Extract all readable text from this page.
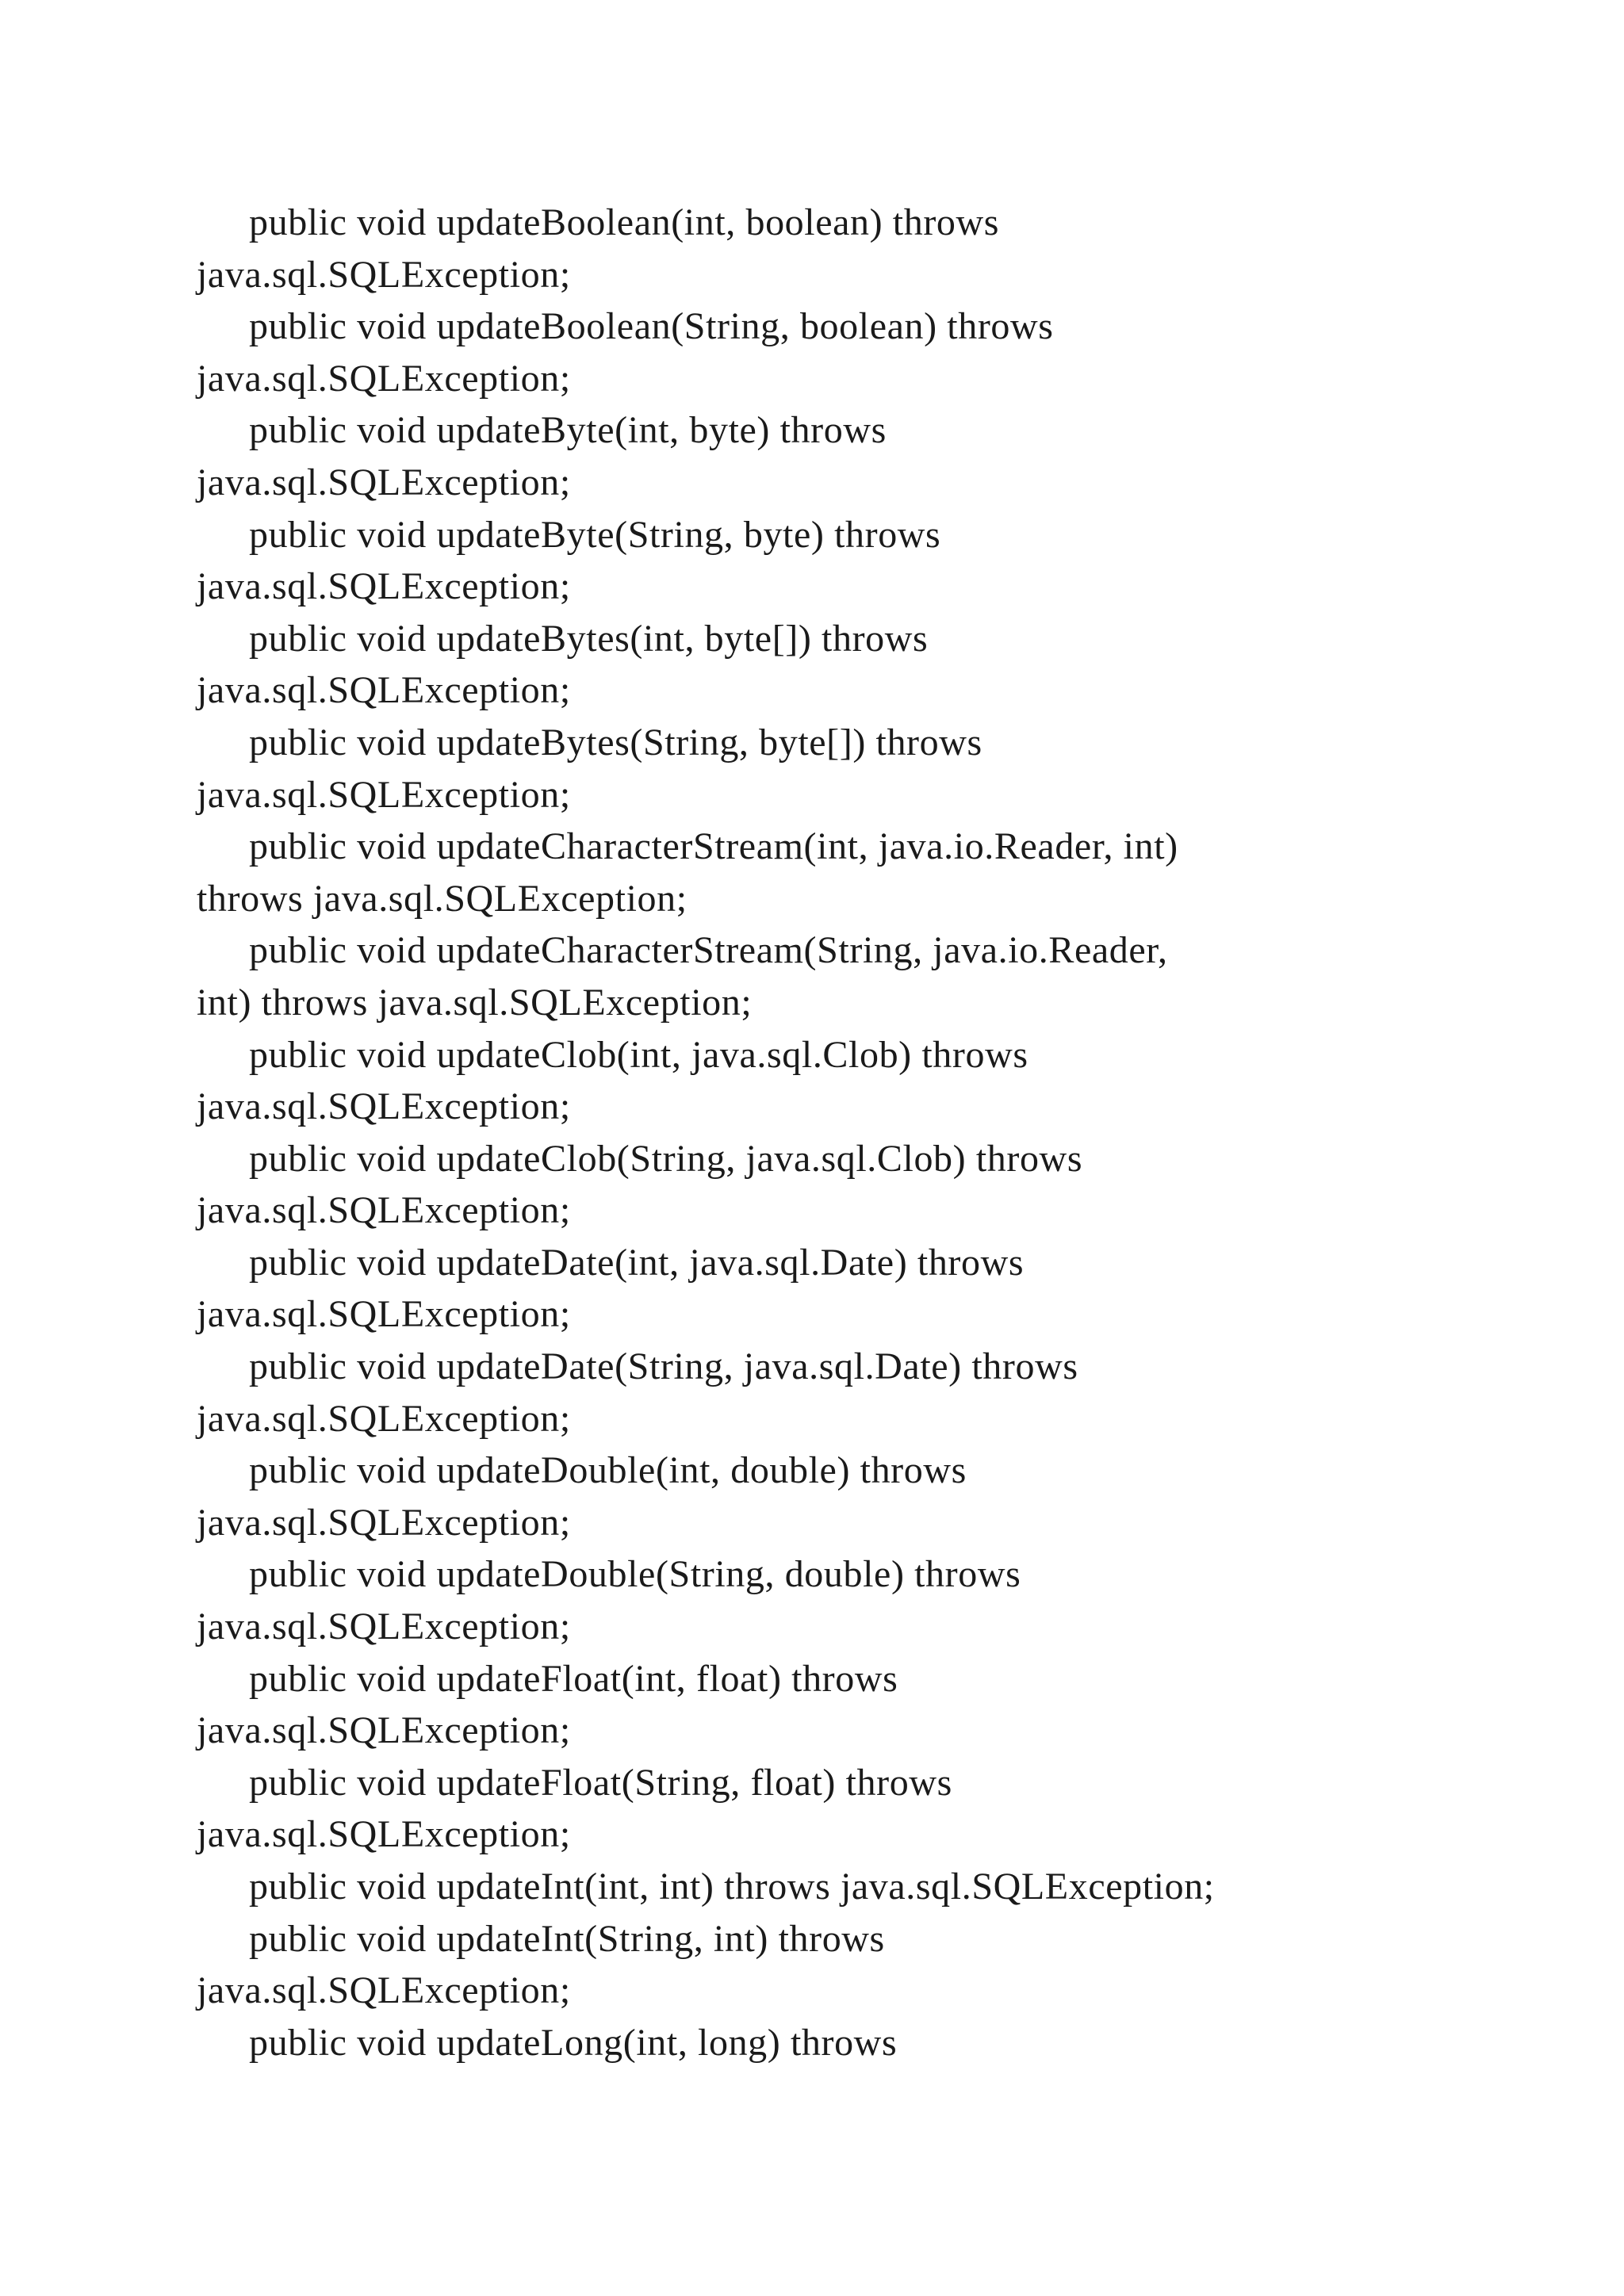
public void updateBoolean(int, boolean) throws
java.sql.SQLException;
public void updateBoolean(String, boolean) throws
java.sql.SQLException;
public void updateByte(int, byte) throws
java.sql.SQLException;
public void updateByte(String, byte) throws
java.sql.SQLException;
public void updateBytes(int, byte[]) throws
java.sql.SQLException;
public void updateBytes(String, byte[]) throws
java.sql.SQLException;
public void updateCharacterStream(int, java.io.Reader, int)
throws java.sql.SQLException;
public void updateCharacterStream(String, java.io.Reader,
int) throws java.sql.SQLException;
public void updateClob(int, java.sql.Clob) throws
java.sql.SQLException;
public void updateClob(String, java.sql.Clob) throws
java.sql.SQLException;
public void updateDate(int, java.sql.Date) throws
java.sql.SQLException;
public void updateDate(String, java.sql.Date) throws
java.sql.SQLException;
public void updateDouble(int, double) throws
java.sql.SQLException;
public void updateDouble(String, double) throws
java.sql.SQLException;
public void updateFloat(int, float) throws
java.sql.SQLException;
public void updateFloat(String, float) throws
java.sql.SQLException;
public void updateInt(int, int) throws java.sql.SQLException;
public void updateInt(String, int) throws
java.sql.SQLException;
public void updateLong(int, long) throws
